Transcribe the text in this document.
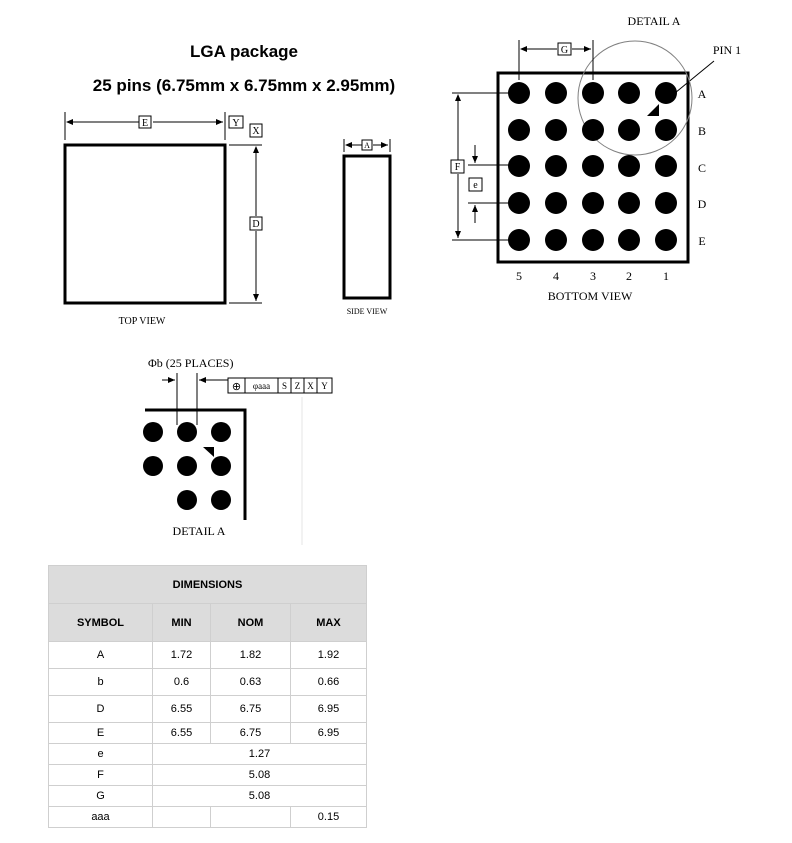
LGA package
25 pins (6.75mm x 6.75mm x 2.95mm)
E	Y
X
D
TOP VIEW
A
SIDE VIEW
DETAIL A
PIN 1
G
F
e
A
B
C
D
E
5	4	3	2	1
BOTTOM VIEW
Φb (25 PLACES)
⊕ φaaa S Z X Y
DETAIL A
DIMENSIONS			
SYMBOL	MIN	NOM	MAX
A	1.72	1.82	1.92
b	0.6	0.63	0.66
D	6.55	6.75	6.95
E	6.55	6.75	6.95
e	1.27		
F	5.08		
G	5.08		
aaa			0.15
